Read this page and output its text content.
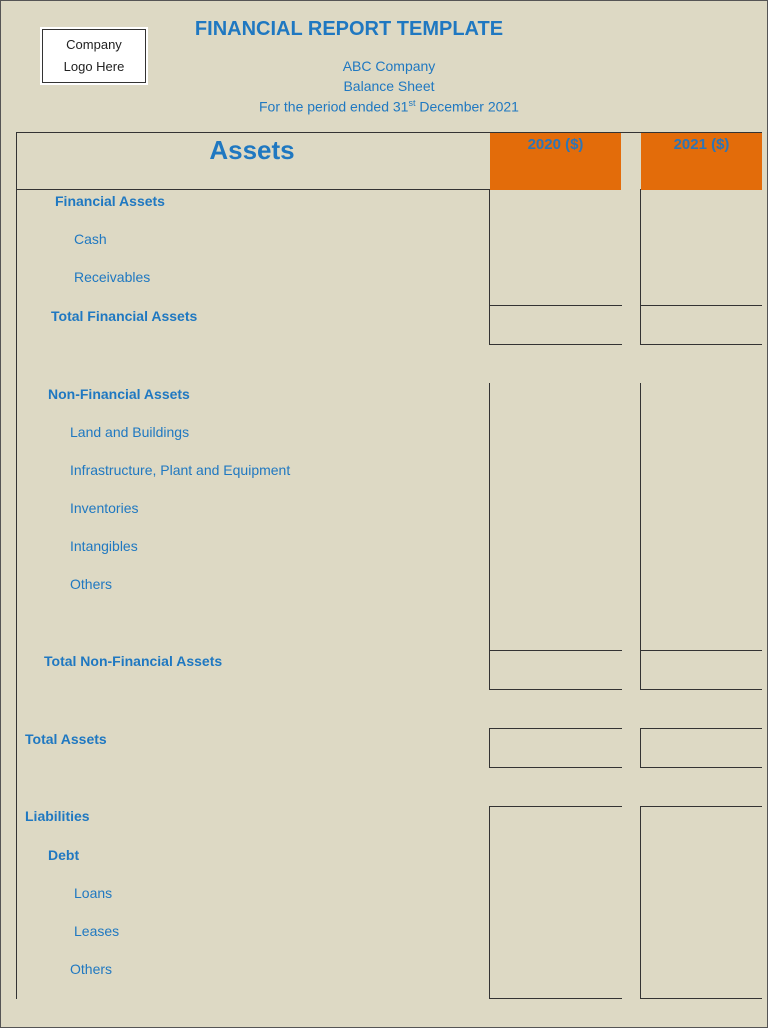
Company
Logo Here
FINANCIAL REPORT TEMPLATE
ABC Company
Balance Sheet
For the period ended 31st December 2021
Assets	2020 ($)	2021 ($)
Financial Assets
Cash
Receivables
Total Financial Assets
Non-Financial Assets
Land and Buildings
Infrastructure, Plant and Equipment
Inventories
Intangibles
Others
Total Non-Financial Assets
Total Assets
Liabilities
Debt
Loans
Leases
Others
